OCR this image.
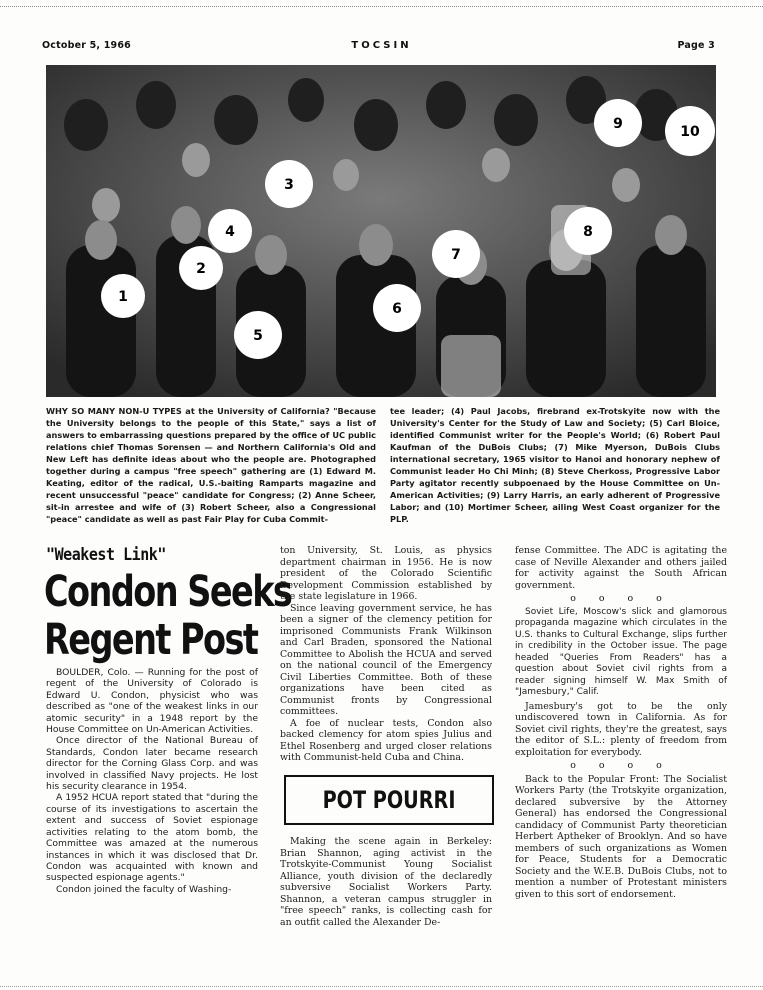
October 5, 1966	TOCSIN	Page 3
1
2
3
4
5
6
7
8
9	10
WHY SO MANY NON-U TYPES at the University of California? "Because the University belongs to the people of this State," says a list of answers to embarrassing questions prepared by the office of UC public relations chief Thomas Sorensen — and Northern California's Old and New Left has definite ideas about who the people are. Photographed together during a campus "free speech" gathering are (1) Edward M. Keating, editor of the radical, U.S.-baiting Ramparts magazine and recent unsuccessful "peace" candidate for Congress; (2) Anne Scheer, sit-in arrestee and wife of (3) Robert Scheer, also a Congressional "peace" candidate as well as past Fair Play for Cuba Commit-
tee leader; (4) Paul Jacobs, firebrand ex-Trotskyite now with the University's Center for the Study of Law and Society; (5) Carl Bloice, identified Communist writer for the People's World; (6) Robert Paul Kaufman of the DuBois Clubs; (7) Mike Myerson, DuBois Clubs international secretary, 1965 visitor to Hanoi and honorary nephew of Communist leader Ho Chi Minh; (8) Steve Cherkoss, Progressive Labor Party agitator recently subpoenaed by the House Committee on Un-American Activities; (9) Larry Harris, an early adherent of Progressive Labor; and (10) Mortimer Scheer, ailing West Coast organizer for the PLP.
"Weakest Link"
Condon Seeks
Regent Post

BOULDER, Colo. — Running for the post of regent of the University of Colorado is Edward U. Condon, physicist who was described as "one of the weakest links in our atomic security" in a 1948 report by the House Committee on Un-American Activities.

Once director of the National Bureau of Standards, Condon later became research director for the Corning Glass Corp. and was involved in classified Navy projects. He lost his security clearance in 1954.

A 1952 HCUA report stated that "during the course of its investigations to ascertain the extent and success of Soviet espionage activities relating to the atom bomb, the Committee was amazed at the numerous instances in which it was disclosed that Dr. Condon was acquainted with known and suspected espionage agents."

Condon joined the faculty of Washing-

ton University, St. Louis, as physics department chairman in 1956. He is now president of the Colorado Scientific Development Commission established by the state legislature in 1966.

Since leaving government service, he has been a signer of the clemency petition for imprisoned Communists Frank Wilkinson and Carl Braden, sponsored the National Committee to Abolish the HCUA and served on the national council of the Emergency Civil Liberties Committee. Both of these organizations have been cited as Communist fronts by Congressional committees.

A foe of nuclear tests, Condon also backed clemency for atom spies Julius and Ethel Rosenberg and urged closer relations with Communist-held Cuba and China.

POT POURRI

Making the scene again in Berkeley: Brian Shannon, aging activist in the Trotskyite-Communist Young Socialist Alliance, youth division of the declaredly subversive Socialist Workers Party. Shannon, a veteran campus struggler in "free speech" ranks, is collecting cash for an outfit called the Alexander De-

fense Committee. The ADC is agitating the case of Neville Alexander and others jailed for activity against the South African government.

o o o o

Soviet Life, Moscow's slick and glamorous propaganda magazine which circulates in the U.S. thanks to Cultural Exchange, slips further in credibility in the October issue. The page headed "Queries From Readers" has a question about Soviet civil rights from a reader signing himself W. Max Smith of "Jamesbury," Calif.

Jamesbury's got to be the only undiscovered town in California. As for Soviet civil rights, they're the greatest, says the editor of S.L.: plenty of freedom from exploitation for everybody.

o o o o

Back to the Popular Front: The Socialist Workers Party (the Trotskyite organization, declared subversive by the Attorney General) has endorsed the Congressional candidacy of Communist Party theoretician Herbert Aptheker of Brooklyn. And so have members of such organizations as Women for Peace, Students for a Democratic Society and the W.E.B. DuBois Clubs, not to mention a number of Protestant ministers given to this sort of endorsement.
